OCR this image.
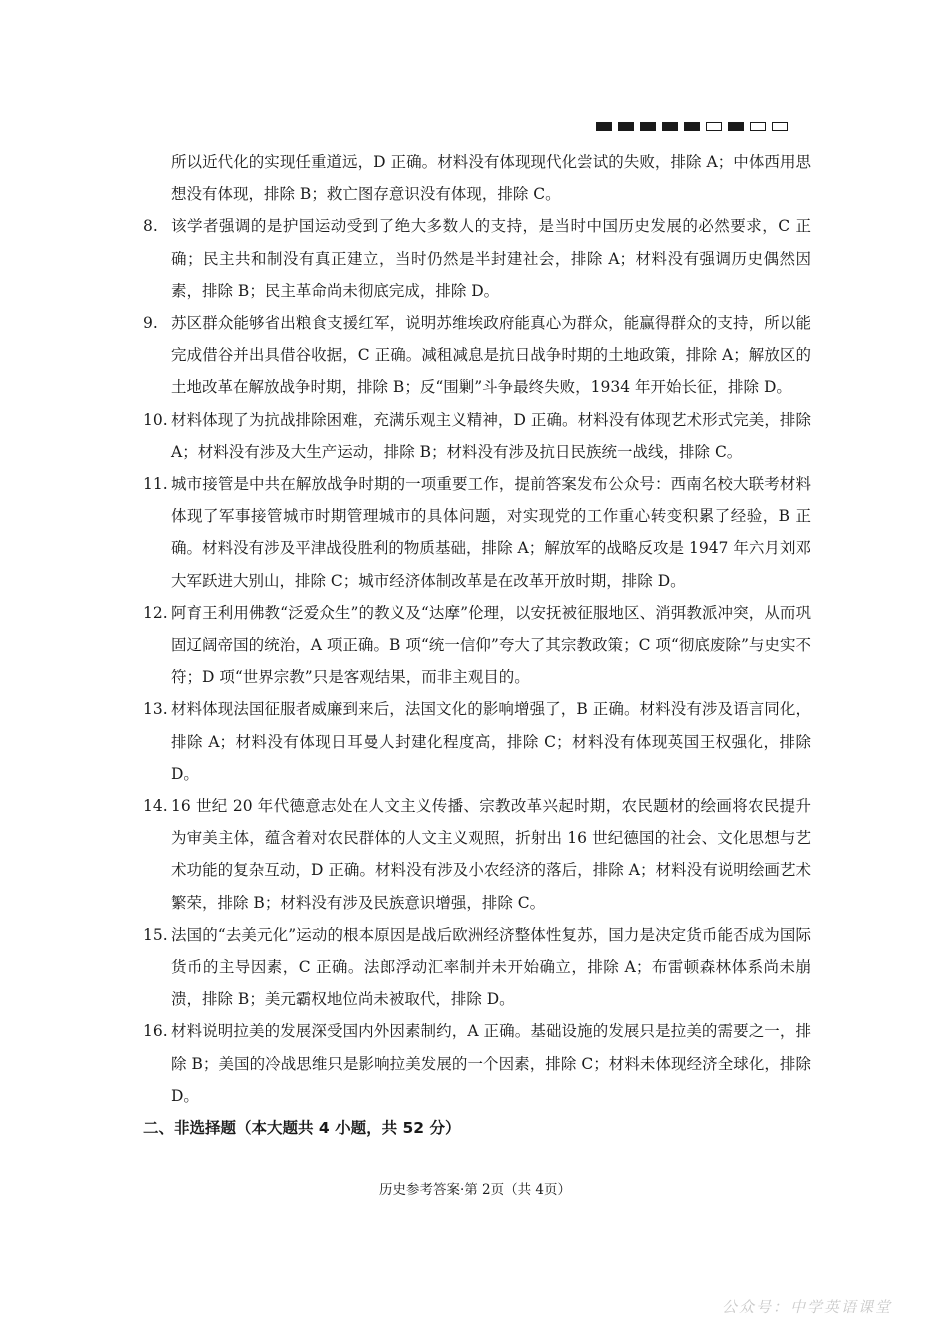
所以近代化的实现任重道远，D 正确。材料没有体现现代化尝试的失败，排除 A；中体西用思想没有体现，排除 B；救亡图存意识没有体现，排除 C。
8. 该学者强调的是护国运动受到了绝大多数人的支持，是当时中国历史发展的必然要求，C 正确；民主共和制没有真正建立，当时仍然是半封建社会，排除 A；材料没有强调历史偶然因素，排除 B；民主革命尚未彻底完成，排除 D。
9. 苏区群众能够省出粮食支援红军，说明苏维埃政府能真心为群众，能赢得群众的支持，所以能完成借谷并出具借谷收据，C 正确。减租减息是抗日战争时期的土地政策，排除 A；解放区的土地改革在解放战争时期，排除 B；反“围剿”斗争最终失败，1934 年开始长征，排除 D。
10. 材料体现了为抗战排除困难，充满乐观主义精神，D 正确。材料没有体现艺术形式完美，排除 A；材料没有涉及大生产运动，排除 B；材料没有涉及抗日民族统一战线，排除 C。
11. 城市接管是中共在解放战争时期的一项重要工作，提前答案发布公众号：西南名校大联考材料体现了军事接管城市时期管理城市的具体问题，对实现党的工作重心转变积累了经验，B 正确。材料没有涉及平津战役胜利的物质基础，排除 A；解放军的战略反攻是 1947 年六月刘邓大军跃进大别山，排除 C；城市经济体制改革是在改革开放时期，排除 D。
12. 阿育王利用佛教“泛爱众生”的教义及“达摩”伦理，以安抚被征服地区、消弭教派冲突，从而巩固辽阔帝国的统治，A 项正确。B 项“统一信仰”夸大了其宗教政策；C 项“彻底废除”与史实不符；D 项“世界宗教”只是客观结果，而非主观目的。
13. 材料体现法国征服者威廉到来后，法国文化的影响增强了，B 正确。材料没有涉及语言同化，排除 A；材料没有体现日耳曼人封建化程度高，排除 C；材料没有体现英国王权强化，排除 D。
14. 16 世纪 20 年代德意志处在人文主义传播、宗教改革兴起时期，农民题材的绘画将农民提升为审美主体，蕴含着对农民群体的人文主义观照，折射出 16 世纪德国的社会、文化思想与艺术功能的复杂互动，D 正确。材料没有涉及小农经济的落后，排除 A；材料没有说明绘画艺术繁荣，排除 B；材料没有涉及民族意识增强，排除 C。
15. 法国的“去美元化”运动的根本原因是战后欧洲经济整体性复苏，国力是决定货币能否成为国际货币的主导因素，C 正确。法郎浮动汇率制并未开始确立，排除 A；布雷顿森林体系尚未崩溃，排除 B；美元霸权地位尚未被取代，排除 D。
16. 材料说明拉美的发展深受国内外因素制约，A 正确。基础设施的发展只是拉美的需要之一，排除 B；美国的冷战思维只是影响拉美发展的一个因素，排除 C；材料未体现经济全球化，排除 D。
二、非选择题（本大题共 4 小题，共 52 分）
历史参考答案·第 2页（共 4页）
公众号：中学英语课堂
